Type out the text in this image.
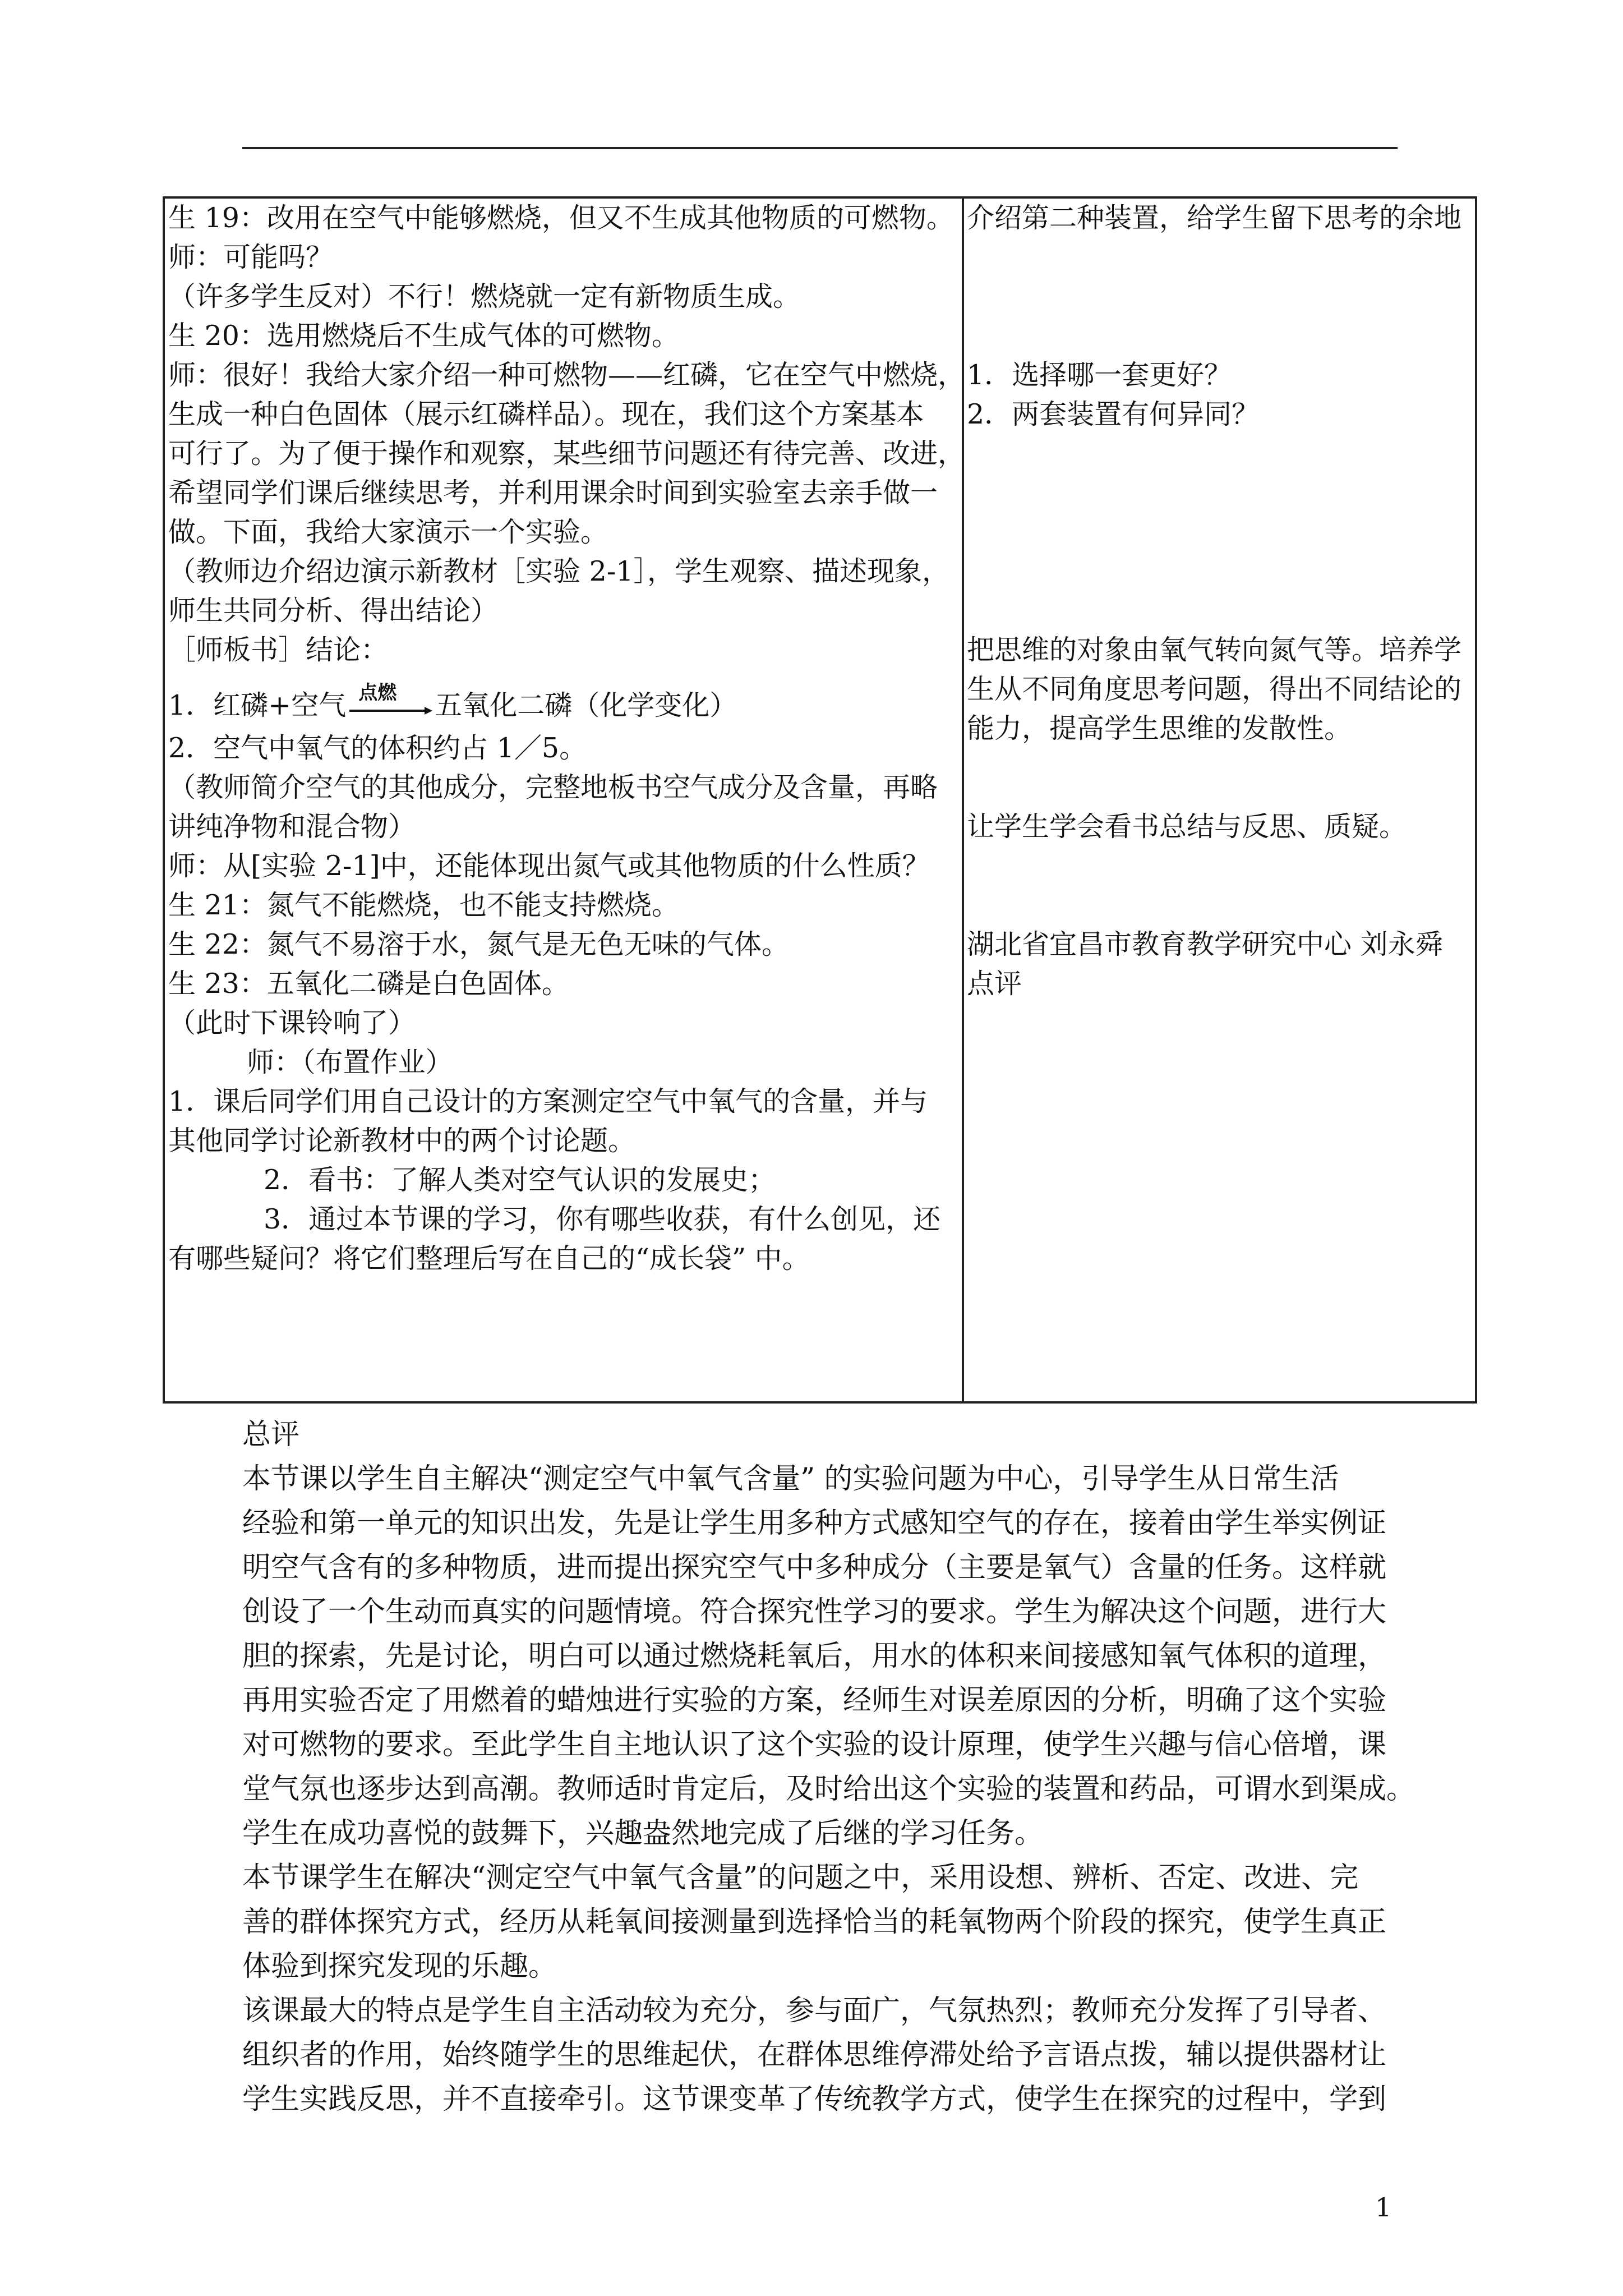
生 19：改用在空气中能够燃烧，但又不生成其他物质的可燃物。
师：可能吗？
（许多学生反对）不行！燃烧就一定有新物质生成。
生 20：选用燃烧后不生成气体的可燃物。
师：很好！我给大家介绍一种可燃物——红磷，它在空气中燃烧，
生成一种白色固体（展示红磷样品）。现在，我们这个方案基本
可行了。为了便于操作和观察，某些细节问题还有待完善、改进，
希望同学们课后继续思考，并利用课余时间到实验室去亲手做一
做。下面，我给大家演示一个实验。
（教师边介绍边演示新教材［实验 2-1］，学生观察、描述现象，
师生共同分析、得出结论）
［师板书］结论：
1．红磷+空气 点燃 五氧化二磷（化学变化）
2．空气中氧气的体积约占 1／5。
（教师简介空气的其他成分，完整地板书空气成分及含量，再略
讲纯净物和混合物）
师：从[实验 2-1]中，还能体现出氮气或其他物质的什么性质？
生 21：氮气不能燃烧，也不能支持燃烧。
生 22：氮气不易溶于水，氮气是无色无味的气体。
生 23：五氧化二磷是白色固体。
（此时下课铃响了）
师：（布置作业）
1．课后同学们用自己设计的方案测定空气中氧气的含量，并与
其他同学讨论新教材中的两个讨论题。
2．看书：了解人类对空气认识的发展史；
3．通过本节课的学习，你有哪些收获，有什么创见，还
有哪些疑问？将它们整理后写在自己的“成长袋” 中。
介绍第二种装置，给学生留下思考的余地
1．选择哪一套更好？
2．两套装置有何异同？
把思维的对象由氧气转向氮气等。培养学
生从不同角度思考问题，得出不同结论的
能力，提高学生思维的发散性。
让学生学会看书总结与反思、质疑。
湖北省宜昌市教育教学研究中心 刘永舜
点评
总评
本节课以学生自主解决“测定空气中氧气含量” 的实验问题为中心，引导学生从日常生活
经验和第一单元的知识出发，先是让学生用多种方式感知空气的存在，接着由学生举实例证
明空气含有的多种物质，进而提出探究空气中多种成分（主要是氧气）含量的任务。这样就
创设了一个生动而真实的问题情境。符合探究性学习的要求。学生为解决这个问题，进行大
胆的探索，先是讨论，明白可以通过燃烧耗氧后，用水的体积来间接感知氧气体积的道理，
再用实验否定了用燃着的蜡烛进行实验的方案，经师生对误差原因的分析，明确了这个实验
对可燃物的要求。至此学生自主地认识了这个实验的设计原理，使学生兴趣与信心倍增，课
堂气氛也逐步达到高潮。教师适时肯定后，及时给出这个实验的装置和药品，可谓水到渠成。
学生在成功喜悦的鼓舞下，兴趣盎然地完成了后继的学习任务。
本节课学生在解决“测定空气中氧气含量”的问题之中，采用设想、辨析、否定、改进、完
善的群体探究方式，经历从耗氧间接测量到选择恰当的耗氧物两个阶段的探究，使学生真正
体验到探究发现的乐趣。
该课最大的特点是学生自主活动较为充分，参与面广，气氛热烈；教师充分发挥了引导者、
组织者的作用，始终随学生的思维起伏，在群体思维停滞处给予言语点拨，辅以提供器材让
学生实践反思，并不直接牵引。这节课变革了传统教学方式，使学生在探究的过程中，学到
1
